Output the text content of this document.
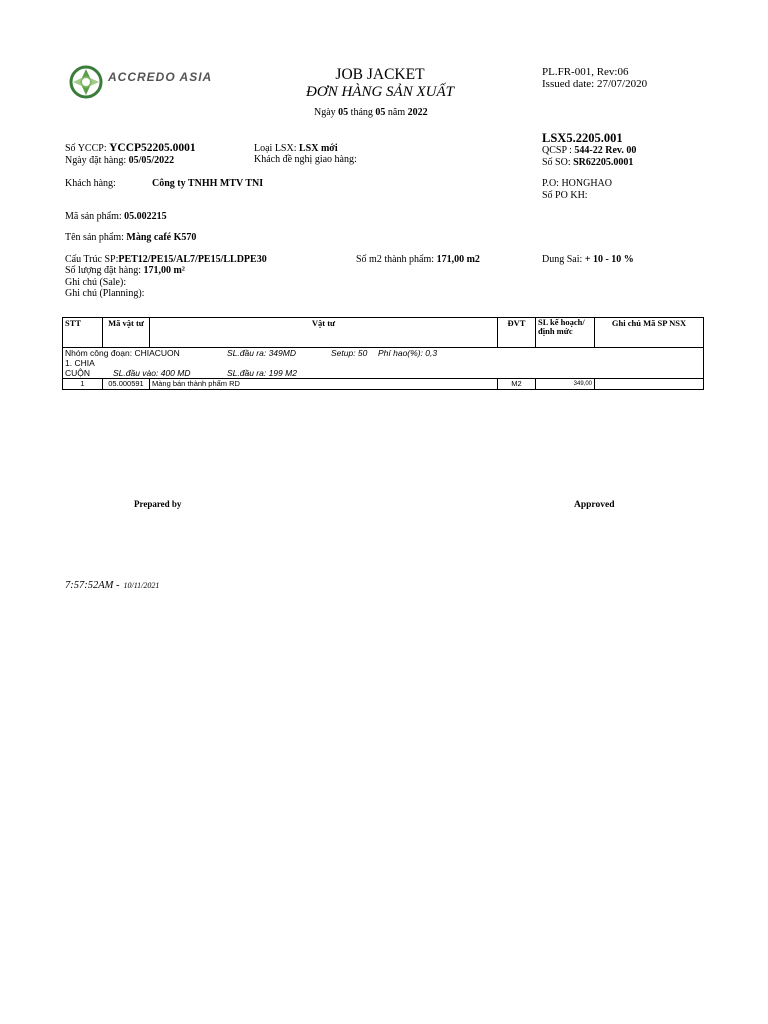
ACCREDO ASIA	JOB JACKET
ĐƠN HÀNG SẢN XUẤT
Ngày 05 tháng 05 năm 2022
PL.FR-001, Rev:06
Issued date: 27/07/2020
Số YCCP: YCCP52205.0001
Ngày đặt hàng: 05/05/2022
Loại LSX: LSX mới
Khách đề nghị giao hàng:
LSX5.2205.001
QCSP : 544-22 Rev. 00
Số SO: SR62205.0001
Khách hàng:	Công ty TNHH MTV TNI	P.O: HONGHAO
Số PO KH:
Mã sản phẩm: 05.002215
Tên sản phẩm: Màng café K570
Cấu Trúc SP:PET12/PE15/AL7/PE15/LLDPE30	Số m2 thành phẩm: 171,00 m2	Dung Sai: + 10 - 10 %
Số lượng đặt hàng: 171,00 m²
Ghi chú (Sale):
Ghi chú (Planning):
STT	Mã vật tư	Vật tư	ĐVT	SL kế hoạch/ định mức	Ghi chú Mã SP NSX

Nhóm công đoạn: CHIACUON SL.đầu ra: 349MD Setup: 50 Phí hao(%): 0,3
1. CHIA CUỘN SL.đầu vào: 400 MD SL.đầu ra: 199 M2					

1	05.000591	Màng bán thành phẩm RD	M2	349,00	
Prepared by	Approved
7:57:52AM - 10/11/2021
